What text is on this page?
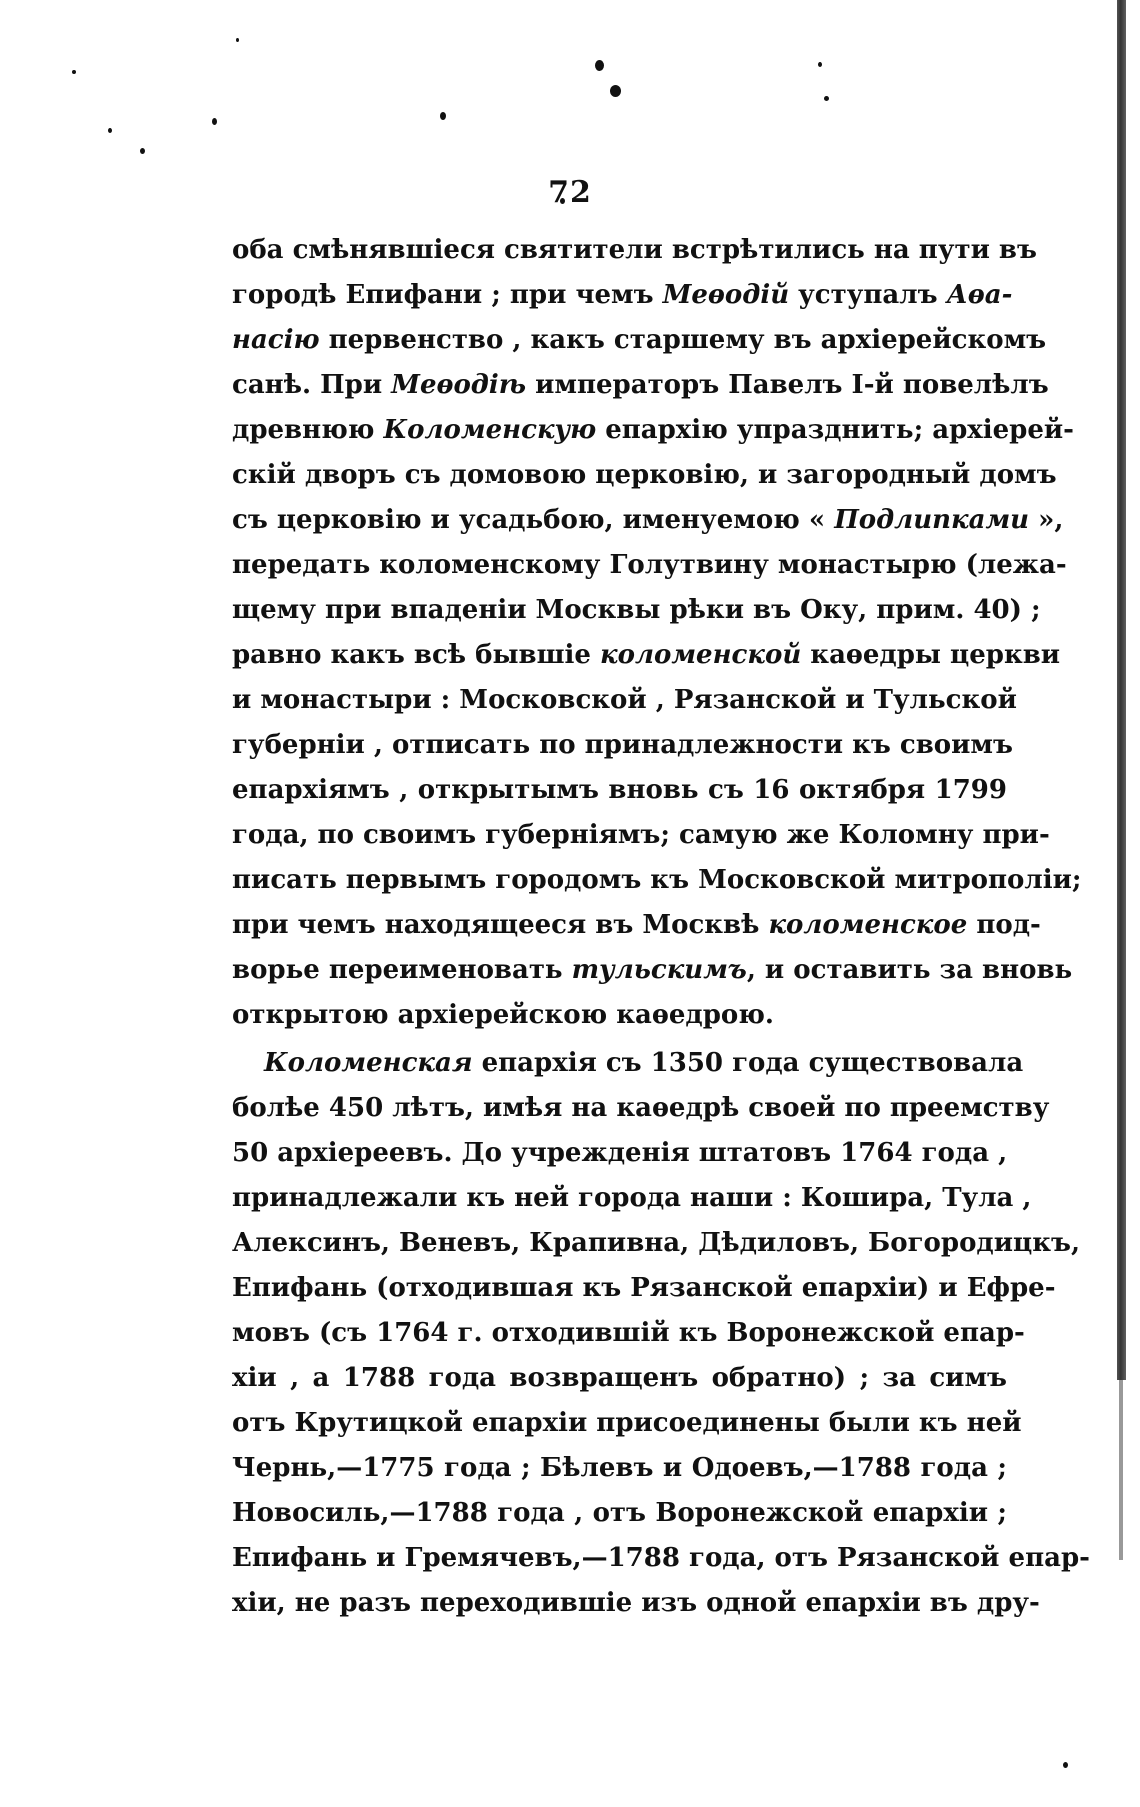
72
оба смѣнявшіеся святители встрѣтились на пути въ
городѣ Епифани ; при чемъ Меѳодій уступалъ Аѳа-
насію первенство , какъ старшему въ архіерейскомъ
санѣ. При Меѳодіѣ императоръ Павелъ І-й повелѣлъ
древнюю Коломенскую епархію упразднить; архіерей-
скій дворъ съ домовою церковію, и загородный домъ
съ церковію и усадьбою, именуемою « Подлипками »,
передать коломенскому Голутвину монастырю (лежа-
щему при впаденіи Москвы рѣки въ Оку, прим. 40) ;
равно какъ всѣ бывшіе коломенской каѳедры церкви
и монастыри : Московской , Рязанской и Тульской
губерніи , отписать по принадлежности къ своимъ
епархіямъ , открытымъ вновь съ 16 октября 1799
года, по своимъ губерніямъ; самую же Коломну при-
писать первымъ городомъ къ Московской митрополіи;
при чемъ находящееся въ Москвѣ коломенское под-
ворье переименовать тульскимъ, и оставить за вновь
открытою архіерейскою каѳедрою.
Коломенская епархія съ 1350 года существовала
болѣе 450 лѣтъ, имѣя на каѳедрѣ своей по преемству
50 архіереевъ. До учрежденія штатовъ 1764 года ,
принадлежали къ ней города наши : Кошира, Тула ,
Алексинъ, Веневъ, Крапивна, Дѣдиловъ, Богородицкъ,
Епифань (отходившая къ Рязанской епархіи) и Ефре-
мовъ (съ 1764 г. отходившій къ Воронежской епар-
хіи , а 1788 года возвращенъ обратно) ; за симъ
отъ Крутицкой епархіи присоединены были къ ней
Чернь,—1775 года ; Бѣлевъ и Одоевъ,—1788 года ;
Новосиль,—1788 года , отъ Воронежской епархіи ;
Епифань и Гремячевъ,—1788 года, отъ Рязанской епар-
хіи, не разъ переходившіе изъ одной епархіи въ дру-
